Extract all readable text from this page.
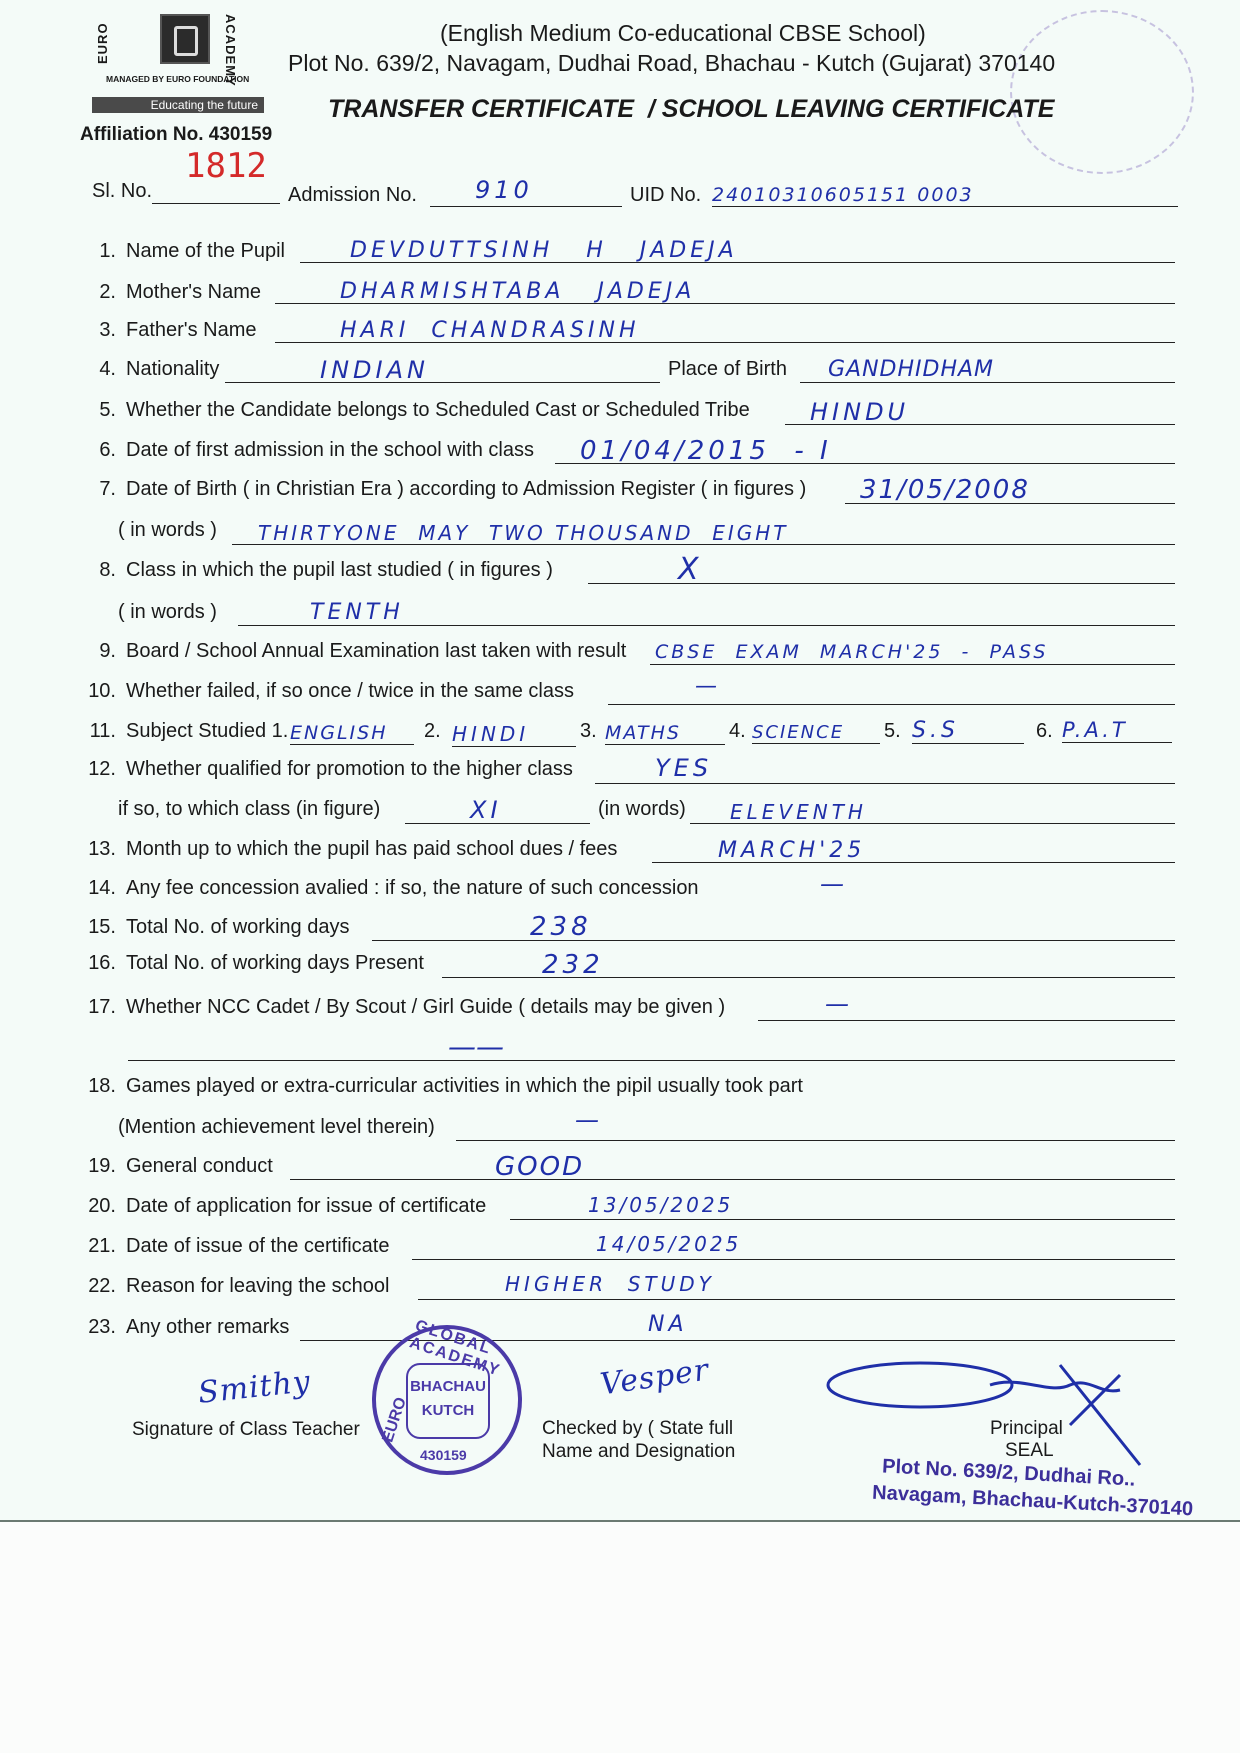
EURO	ACADEMY
MANAGED BY EURO FOUNDATION
Educating the future
Affiliation No. 430159
(English Medium Co-educational CBSE School)
Plot No. 639/2, Navagam, Dudhai Road, Bhachau - Kutch (Gujarat) 370140
TRANSFER CERTIFICATE  / SCHOOL LEAVING CERTIFICATE
Sl. No.
1812
Admission No. 910	UID No. 24010310605151 0003
1. Name of the Pupil	DEVDUTTSINH   H   JADEJA
2. Mother's Name	DHARMISHTABA   JADEJA
3. Father's Name	HARI  CHANDRASINH
4. Nationality	INDIAN	Place of Birth GANDHIDHAM
5. Whether the Candidate belongs to Scheduled Cast or Scheduled Tribe	HINDU
6. Date of first admission in the school with class 01/04/2015  - I
7. Date of Birth ( in Christian Era ) according to Admission Register ( in figures ) 31/05/2008
( in words ) THIRTYONE  MAY  TWO THOUSAND  EIGHT
8. Class in which the pupil last studied ( in figures )	X
( in words )	TENTH
9. Board / School Annual Examination last taken with result CBSE  EXAM  MARCH'25  -  PASS
10. Whether failed, if so once / twice in the same class	—
11. Subject Studied 1. ENGLISH	2. HINDI	3. MATHS	4. SCIENCE	5. S.S	6. P.A.T
12. Whether qualified for promotion to the higher class	YES
if so, to which class (in figure)	XI	(in words) ELEVENTH
13. Month up to which the pupil has paid school dues / fees	MARCH'25
14. Any fee concession avalied : if so, the nature of such concession	—
15. Total No. of working days	238
16. Total No. of working days Present	232
17. Whether NCC Cadet / By Scout / Girl Guide ( details may be given )	—
——
18. Games played or extra-curricular activities in which the pipil usually took part
(Mention achievement level therein)	—
19. General conduct	GOOD
20. Date of application for issue of certificate	13/05/2025
21. Date of issue of the certificate	14/05/2025
22. Reason for leaving the school	HIGHER  STUDY
23. Any other remarks	NA
Smithy
Signature of Class Teacher
GLOBAL ACADEMY
EURO
BHACHAU
KUTCH
430159
Vesper
Checked by ( State full
Name and Designation
Principal
SEAL
Plot No. 639/2, Dudhai Ro..
Navagam, Bhachau-Kutch-370140
